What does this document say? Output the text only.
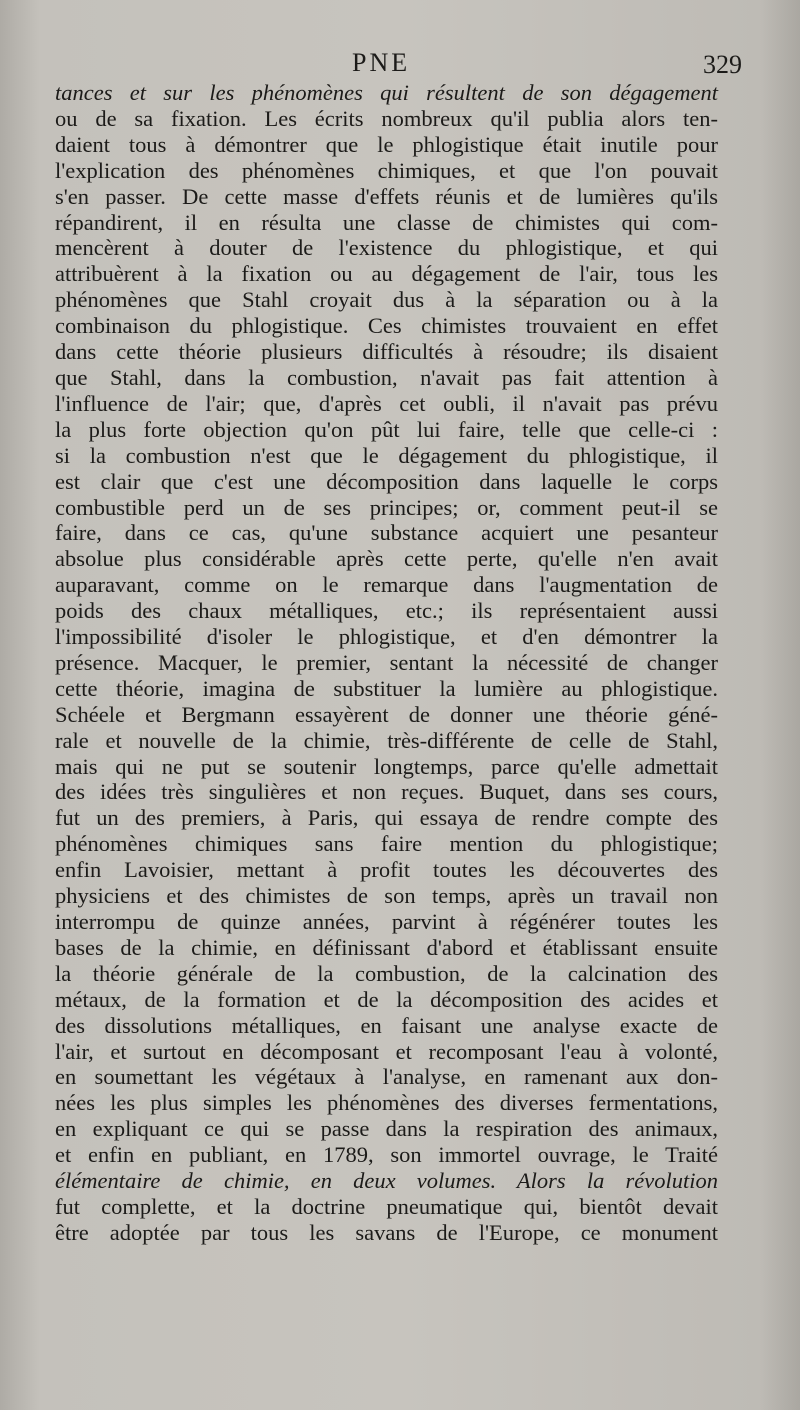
PNE	329
tances et sur les phénomènes qui résultent de son dégagement
ou de sa fixation. Les écrits nombreux qu'il publia alors ten-
daient tous à démontrer que le phlogistique était inutile pour
l'explication des phénomènes chimiques, et que l'on pouvait
s'en passer. De cette masse d'effets réunis et de lumières qu'ils
répandirent, il en résulta une classe de chimistes qui com-
mencèrent à douter de l'existence du phlogistique, et qui
attribuèrent à la fixation ou au dégagement de l'air, tous les
phénomènes que Stahl croyait dus à la séparation ou à la
combinaison du phlogistique. Ces chimistes trouvaient en effet
dans cette théorie plusieurs difficultés à résoudre; ils disaient
que Stahl, dans la combustion, n'avait pas fait attention à
l'influence de l'air; que, d'après cet oubli, il n'avait pas prévu
la plus forte objection qu'on pût lui faire, telle que celle-ci :
si la combustion n'est que le dégagement du phlogistique, il
est clair que c'est une décomposition dans laquelle le corps
combustible perd un de ses principes; or, comment peut-il se
faire, dans ce cas, qu'une substance acquiert une pesanteur
absolue plus considérable après cette perte, qu'elle n'en avait
auparavant, comme on le remarque dans l'augmentation de
poids des chaux métalliques, etc.; ils représentaient aussi
l'impossibilité d'isoler le phlogistique, et d'en démontrer la
présence. Macquer, le premier, sentant la nécessité de changer
cette théorie, imagina de substituer la lumière au phlogistique.
Schéele et Bergmann essayèrent de donner une théorie géné-
rale et nouvelle de la chimie, très-différente de celle de Stahl,
mais qui ne put se soutenir longtemps, parce qu'elle admettait
des idées très singulières et non reçues. Buquet, dans ses cours,
fut un des premiers, à Paris, qui essaya de rendre compte des
phénomènes chimiques sans faire mention du phlogistique;
enfin Lavoisier, mettant à profit toutes les découvertes des
physiciens et des chimistes de son temps, après un travail non
interrompu de quinze années, parvint à régénérer toutes les
bases de la chimie, en définissant d'abord et établissant ensuite
la théorie générale de la combustion, de la calcination des
métaux, de la formation et de la décomposition des acides et
des dissolutions métalliques, en faisant une analyse exacte de
l'air, et surtout en décomposant et recomposant l'eau à volonté,
en soumettant les végétaux à l'analyse, en ramenant aux don-
nées les plus simples les phénomènes des diverses fermentations,
en expliquant ce qui se passe dans la respiration des animaux,
et enfin en publiant, en 1789, son immortel ouvrage, le Traité
élémentaire de chimie, en deux volumes. Alors la révolution
fut complette, et la doctrine pneumatique qui, bientôt devait
être adoptée par tous les savans de l'Europe, ce monument
